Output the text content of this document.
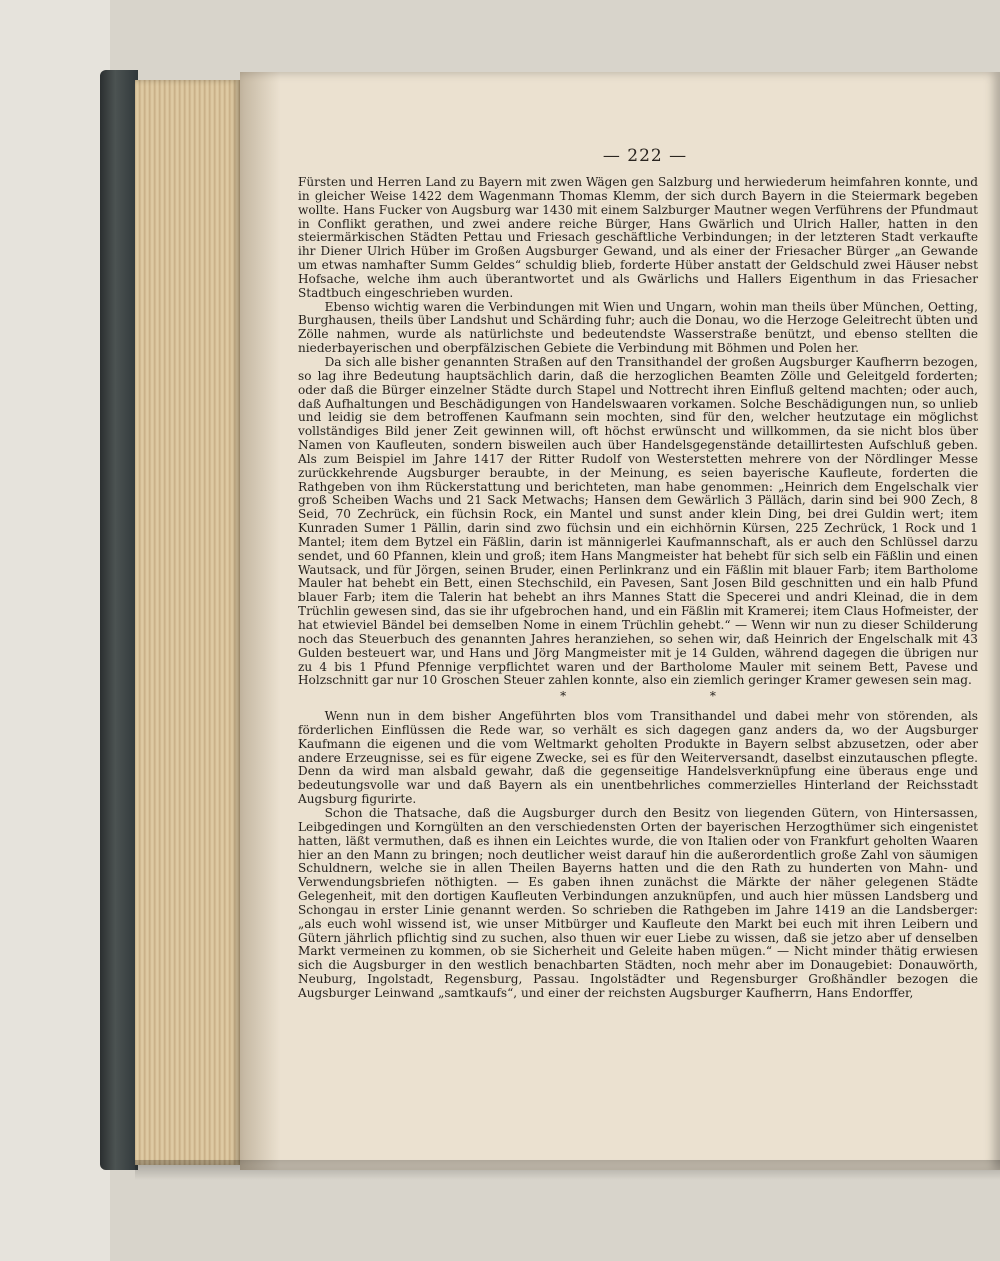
— 222 —

Fürsten und Herren Land zu Bayern mit zwen Wägen gen Salzburg und herwiederum heimfahren konnte, und in gleicher Weise 1422 dem Wagenmann Thomas Klemm, der sich durch Bayern in die Steiermark begeben wollte. Hans Fucker von Augsburg war 1430 mit einem Salzburger Mautner wegen Verführens der Pfundmaut in Conflikt gerathen, und zwei andere reiche Bürger, Hans Gwärlich und Ulrich Haller, hatten in den steiermärkischen Städten Pettau und Friesach geschäftliche Verbindungen; in der letzteren Stadt verkaufte ihr Diener Ulrich Hüber im Großen Augsburger Gewand, und als einer der Friesacher Bürger „an Gewande um etwas namhafter Summ Geldes“ schuldig blieb, forderte Hüber anstatt der Geldschuld zwei Häuser nebst Hofsache, welche ihm auch überantwortet und als Gwärlichs und Hallers Eigenthum in das Friesacher Stadtbuch eingeschrieben wurden.

Ebenso wichtig waren die Verbindungen mit Wien und Ungarn, wohin man theils über München, Oetting, Burghausen, theils über Landshut und Schärding fuhr; auch die Donau, wo die Herzoge Geleitrecht übten und Zölle nahmen, wurde als natürlichste und bedeutendste Wasserstraße benützt, und ebenso stellten die niederbayerischen und oberpfälzischen Gebiete die Verbindung mit Böhmen und Polen her.

Da sich alle bisher genannten Straßen auf den Transithandel der großen Augsburger Kaufherrn bezogen, so lag ihre Bedeutung hauptsächlich darin, daß die herzoglichen Beamten Zölle und Geleitgeld forderten; oder daß die Bürger einzelner Städte durch Stapel und Nottrecht ihren Einfluß geltend machten; oder auch, daß Aufhaltungen und Beschädigungen von Handelswaaren vorkamen. Solche Beschädigungen nun, so unlieb und leidig sie dem betroffenen Kaufmann sein mochten, sind für den, welcher heutzutage ein möglichst vollständiges Bild jener Zeit gewinnen will, oft höchst erwünscht und willkommen, da sie nicht blos über Namen von Kaufleuten, sondern bisweilen auch über Handelsgegenstände detaillirtesten Aufschluß geben. Als zum Beispiel im Jahre 1417 der Ritter Rudolf von Westerstetten mehrere von der Nördlinger Messe zurückkehrende Augsburger beraubte, in der Meinung, es seien bayerische Kaufleute, forderten die Rathgeben von ihm Rückerstattung und berichteten, man habe genommen: „Heinrich dem Engelschalk vier groß Scheiben Wachs und 21 Sack Metwachs; Hansen dem Gewärlich 3 Pälläch, darin sind bei 900 Zech, 8 Seid, 70 Zechrück, ein füchsin Rock, ein Mantel und sunst ander klein Ding, bei drei Guldin wert; item Kunraden Sumer 1 Pällin, darin sind zwo füchsin und ein eichhörnin Kürsen, 225 Zechrück, 1 Rock und 1 Mantel; item dem Bytzel ein Fäßlin, darin ist männigerlei Kaufmannschaft, als er auch den Schlüssel darzu sendet, und 60 Pfannen, klein und groß; item Hans Mangmeister hat behebt für sich selb ein Fäßlin und einen Wautsack, und für Jörgen, seinen Bruder, einen Perlinkranz und ein Fäßlin mit blauer Farb; item Bartholome Mauler hat behebt ein Bett, einen Stechschild, ein Pavesen, Sant Josen Bild geschnitten und ein halb Pfund blauer Farb; item die Talerin hat behebt an ihrs Mannes Statt die Specerei und andri Kleinad, die in dem Trüchlin gewesen sind, das sie ihr ufgebrochen hand, und ein Fäßlin mit Kramerei; item Claus Hofmeister, der hat etwieviel Bändel bei demselben Nome in einem Trüchlin gehebt.“ — Wenn wir nun zu dieser Schilderung noch das Steuerbuch des genannten Jahres heranziehen, so sehen wir, daß Heinrich der Engelschalk mit 43 Gulden besteuert war, und Hans und Jörg Mangmeister mit je 14 Gulden, während dagegen die übrigen nur zu 4 bis 1 Pfund Pfennige verpflichtet waren und der Bartholome Mauler mit seinem Bett, Pavese und Holzschnitt gar nur 10 Groschen Steuer zahlen konnte, also ein ziemlich geringer Kramer gewesen sein mag.

*	*

Wenn nun in dem bisher Angeführten blos vom Transithandel und dabei mehr von störenden, als förderlichen Einflüssen die Rede war, so verhält es sich dagegen ganz anders da, wo der Augsburger Kaufmann die eigenen und die vom Weltmarkt geholten Produkte in Bayern selbst abzusetzen, oder aber andere Erzeugnisse, sei es für eigene Zwecke, sei es für den Weiterversandt, daselbst einzutauschen pflegte. Denn da wird man alsbald gewahr, daß die gegenseitige Handelsverknüpfung eine überaus enge und bedeutungsvolle war und daß Bayern als ein unentbehrliches commerzielles Hinterland der Reichsstadt Augsburg figurirte.

Schon die Thatsache, daß die Augsburger durch den Besitz von liegenden Gütern, von Hintersassen, Leibgedingen und Korngülten an den verschiedensten Orten der bayerischen Herzogthümer sich eingenistet hatten, läßt vermuthen, daß es ihnen ein Leichtes wurde, die von Italien oder von Frankfurt geholten Waaren hier an den Mann zu bringen; noch deutlicher weist darauf hin die außerordentlich große Zahl von säumigen Schuldnern, welche sie in allen Theilen Bayerns hatten und die den Rath zu hunderten von Mahn- und Verwendungsbriefen nöthigten. — Es gaben ihnen zunächst die Märkte der näher gelegenen Städte Gelegenheit, mit den dortigen Kaufleuten Verbindungen anzuknüpfen, und auch hier müssen Landsberg und Schongau in erster Linie genannt werden. So schrieben die Rathgeben im Jahre 1419 an die Landsberger: „als euch wohl wissend ist, wie unser Mitbürger und Kaufleute den Markt bei euch mit ihren Leibern und Gütern jährlich pflichtig sind zu suchen, also thuen wir euer Liebe zu wissen, daß sie jetzo aber uf denselben Markt vermeinen zu kommen, ob sie Sicherheit und Geleite haben mügen.“ — Nicht minder thätig erwiesen sich die Augsburger in den westlich benachbarten Städten, noch mehr aber im Donaugebiet: Donauwörth, Neuburg, Ingolstadt, Regensburg, Passau. Ingolstädter und Regensburger Großhändler bezogen die Augsburger Leinwand „samtkaufs“, und einer der reichsten Augsburger Kaufherrn, Hans Endorffer,
